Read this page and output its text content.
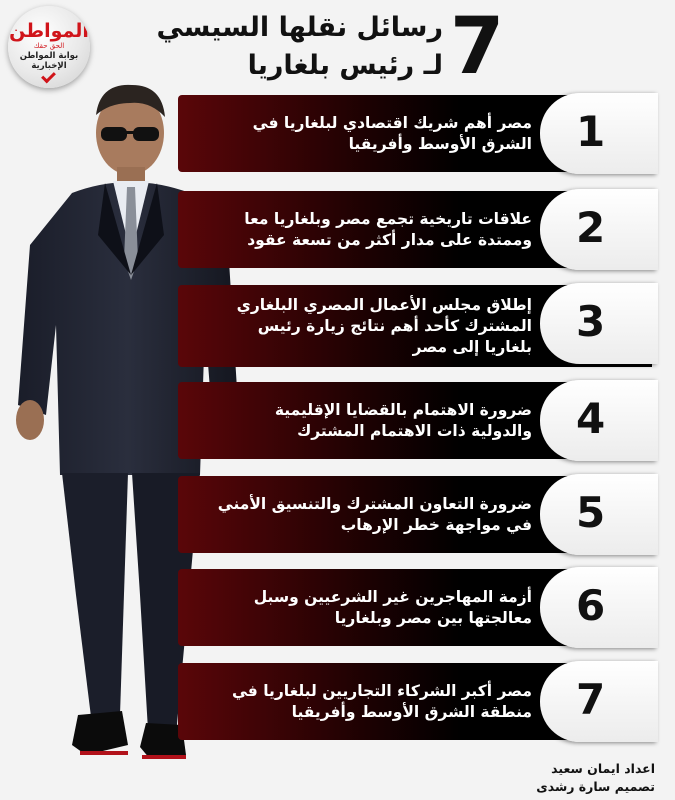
المواطن
الحق حقك
بوابة المواطن الإخبارية	7
رسائل نقلها السيسي
لـ رئيس بلغاريا
مصر أهم شريك اقتصادي لبلغاريا في
الشرق الأوسط وأفريقيا 1
علاقات تاريخية تجمع مصر وبلغاريا معا
وممتدة على مدار أكثر من تسعة عقود 2
إطلاق مجلس الأعمال المصري البلغاري
المشترك كأحد أهم نتائج زيارة رئيس
بلغاريا إلى مصر
3
ضرورة الاهتمام بالقضايا الإقليمية
والدولية ذات الاهتمام المشترك 4
ضرورة التعاون المشترك والتنسيق الأمني
في مواجهة خطر الإرهاب 5
أزمة المهاجرين غير الشرعيين وسبل
معالجتها بين مصر وبلغاريا 6
مصر أكبر الشركاء التجاريين لبلغاريا في
منطقة الشرق الأوسط وأفريقيا 7
اعداد ايمان سعيد
تصميم سارة رشدى
